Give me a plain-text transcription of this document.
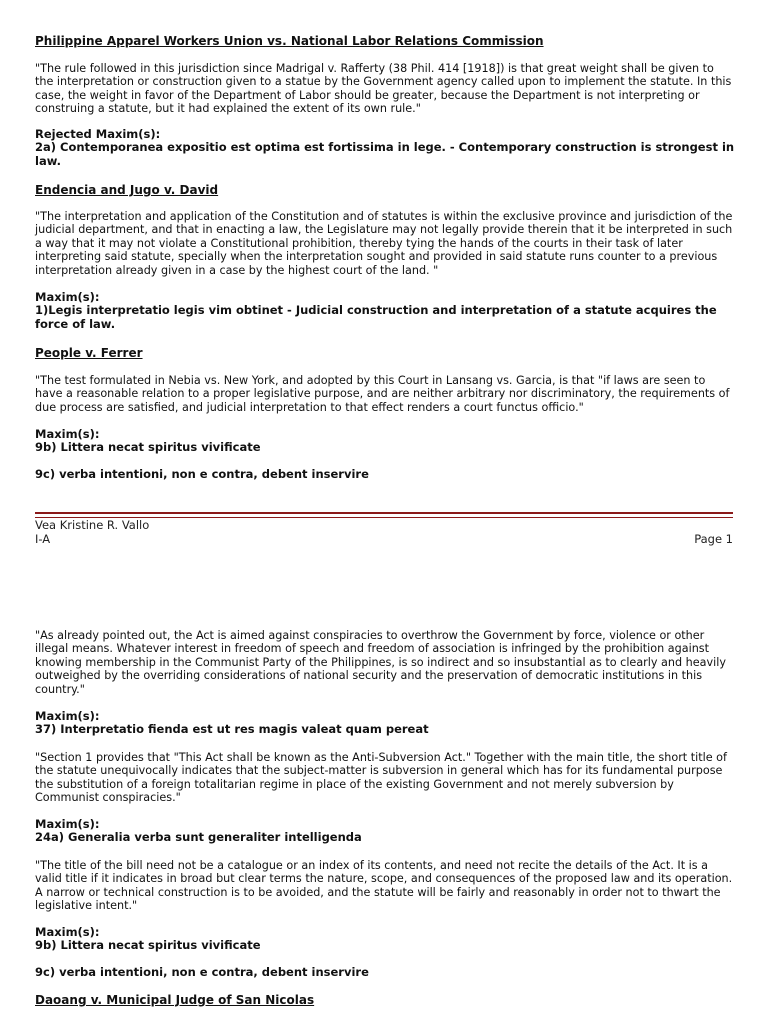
Philippine Apparel Workers Union vs. National Labor Relations Commission

"The rule followed in this jurisdiction since Madrigal v. Rafferty (38 Phil. 414 [1918]) is that great weight shall be given to the interpretation or construction given to a statue by the Government agency called upon to implement the statute. In this case, the weight in favor of the Department of Labor should be greater, because the Department is not interpreting or construing a statute, but it had explained the extent of its own rule."

Rejected Maxim(s):

2a) Contemporanea expositio est optima est fortissima in lege. - Contemporary construction is strongest in law.

Endencia and Jugo v. David

"The interpretation and application of the Constitution and of statutes is within the exclusive province and jurisdiction of the judicial department, and that in enacting a law, the Legislature may not legally provide therein that it be interpreted in such a way that it may not violate a Constitutional prohibition, thereby tying the hands of the courts in their task of later interpreting said statute, specially when the interpretation sought and provided in said statute runs counter to a previous interpretation already given in a case by the highest court of the land. "

Maxim(s):

1)Legis interpretatio legis vim obtinet - Judicial construction and interpretation of a statute acquires the force of law.

People v. Ferrer

"The test formulated in Nebia vs. New York, and adopted by this Court in Lansang vs. Garcia, is that "if laws are seen to have a reasonable relation to a proper legislative purpose, and are neither arbitrary nor discriminatory, the requirements of due process are satisfied, and judicial interpretation to that effect renders a court functus officio."

Maxim(s):

9b) Littera necat spiritus vivificate

9c) verba intentioni, non e contra, debent inservire

Vea Kristine R. Vallo
I-A	Page 1

"As already pointed out, the Act is aimed against conspiracies to overthrow the Government by force, violence or other illegal means. Whatever interest in freedom of speech and freedom of association is infringed by the prohibition against knowing membership in the Communist Party of the Philippines, is so indirect and so insubstantial as to clearly and heavily outweighed by the overriding considerations of national security and the preservation of democratic institutions in this country."

Maxim(s):

37) Interpretatio fienda est ut res magis valeat quam pereat

"Section 1 provides that "This Act shall be known as the Anti-Subversion Act." Together with the main title, the short title of the statute unequivocally indicates that the subject-matter is subversion in general which has for its fundamental purpose the substitution of a foreign totalitarian regime in place of the existing Government and not merely subversion by Communist conspiracies."

Maxim(s):

24a) Generalia verba sunt generaliter intelligenda

"The title of the bill need not be a catalogue or an index of its contents, and need not recite the details of the Act. It is a valid title if it indicates in broad but clear terms the nature, scope, and consequences of the proposed law and its operation. A narrow or technical construction is to be avoided, and the statute will be fairly and reasonably in order not to thwart the legislative intent."

Maxim(s):

9b) Littera necat spiritus vivificate

9c) verba intentioni, non e contra, debent inservire

Daoang v. Municipal Judge of San Nicolas
